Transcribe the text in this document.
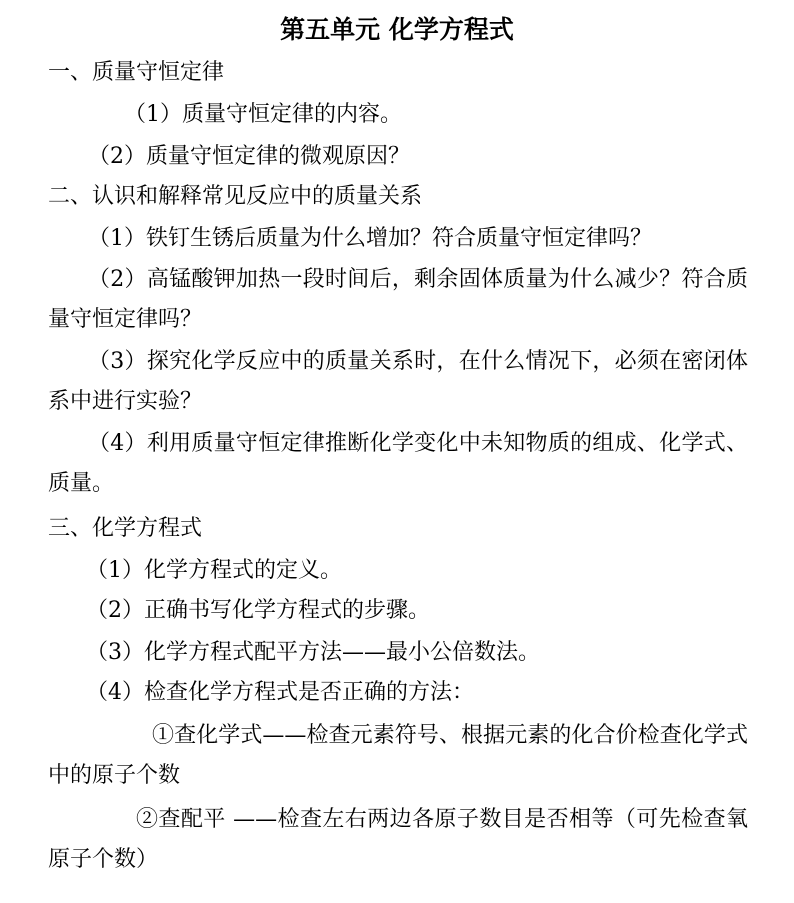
第五单元 化学方程式
一、质量守恒定律
（1）质量守恒定律的内容。
（2）质量守恒定律的微观原因？
二、认识和解释常见反应中的质量关系
（1）铁钉生锈后质量为什么增加？符合质量守恒定律吗？
（2）高锰酸钾加热一段时间后，剩余固体质量为什么减少？符合质量守恒定律吗？
（3）探究化学反应中的质量关系时，在什么情况下，必须在密闭体系中进行实验？
（4）利用质量守恒定律推断化学变化中未知物质的组成、化学式、质量。
三、化学方程式
（1）化学方程式的定义。
（2）正确书写化学方程式的步骤。
（3）化学方程式配平方法——最小公倍数法。
（4）检查化学方程式是否正确的方法：
①查化学式——检查元素符号、根据元素的化合价检查化学式中的原子个数
②查配平 ——检查左右两边各原子数目是否相等（可先检查氧原子个数）
